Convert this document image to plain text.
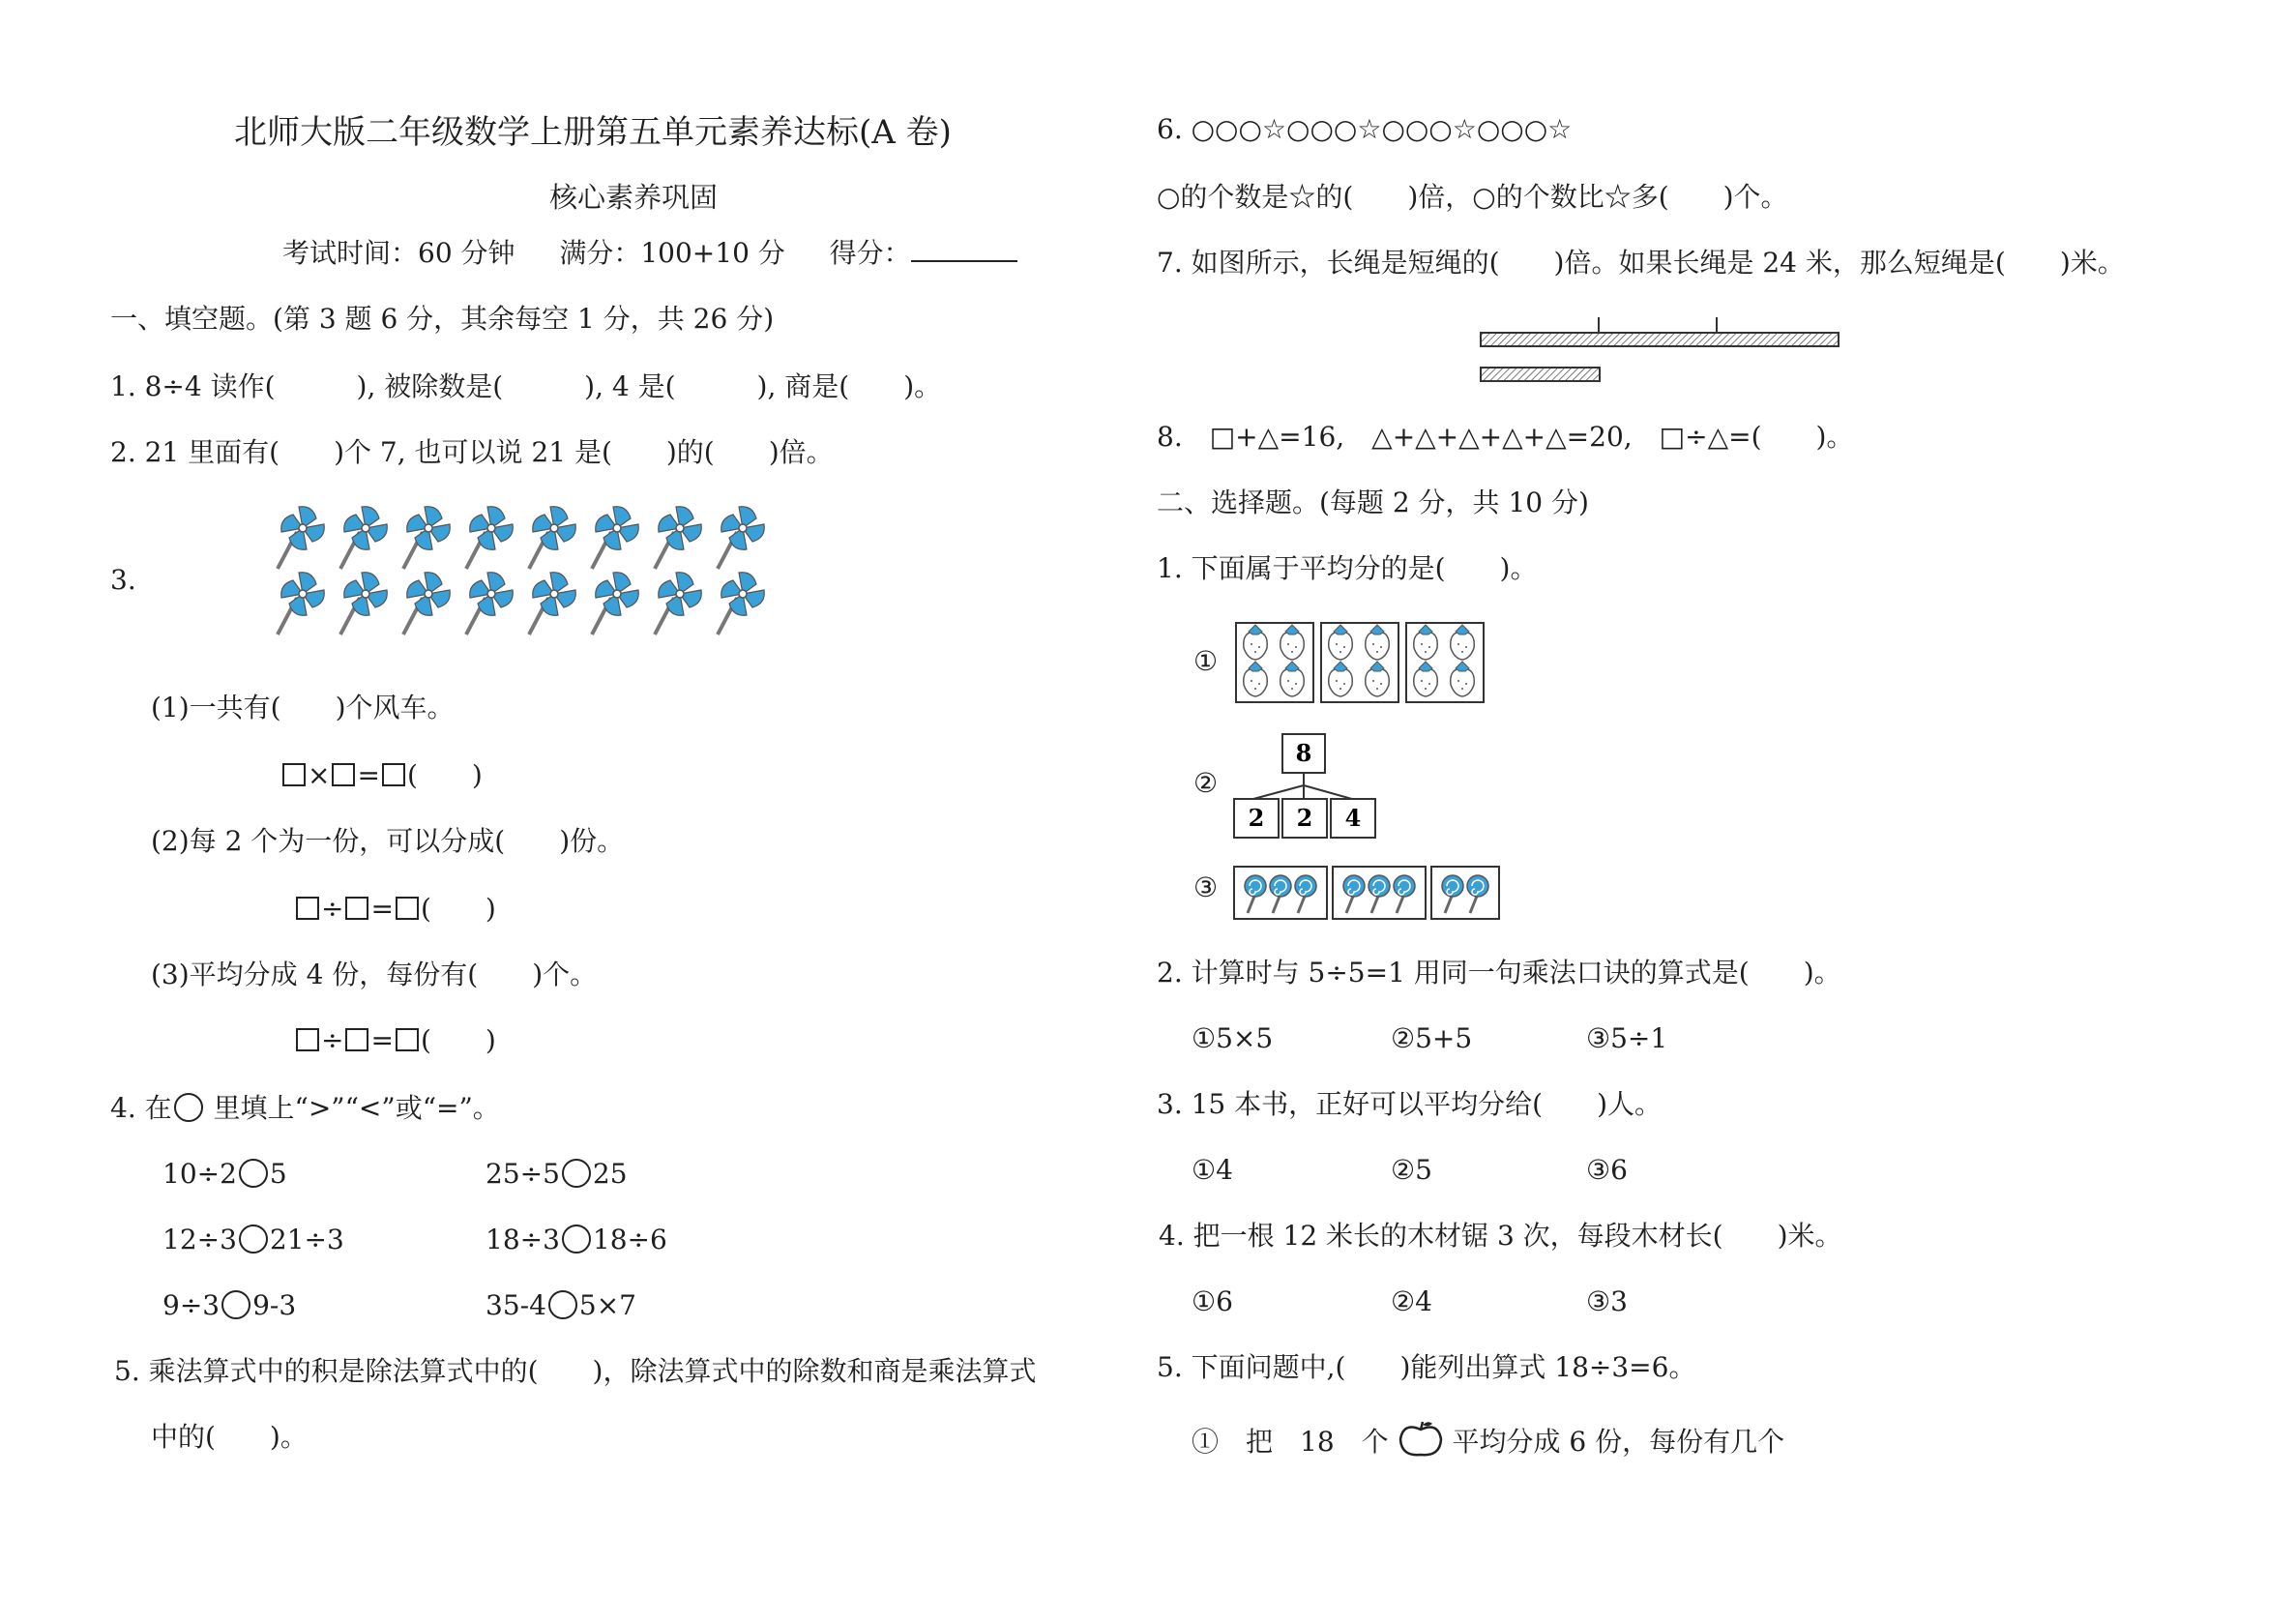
北师大版二年级数学上册第五单元素养达标(A 卷)
核心素养巩固
考试时间：60 分钟 满分：100+10 分 得分：
一、填空题。(第 3 题 6 分，其余每空 1 分，共 26 分)
1. 8÷4 读作(　　　), 被除数是(　　　), 4 是(　　　), 商是(　　)。
2. 21 里面有(　　)个 7, 也可以说 21 是(　　)的(　　)倍。
3.
(1)一共有(　　)个风车。
× = (　　)
(2)每 2 个为一份，可以分成(　　)份。
÷ = (　　)
(3)平均分成 4 份，每份有(　　)个。
÷ = (　　)
4. 在 里填上“>”“<”或“=”。
10÷2 5	25÷5 25
12÷3 21÷3	18÷3 18÷6
9÷3 9-3	35-4 5×7
5. 乘法算式中的积是除法算式中的(　　)，除法算式中的除数和商是乘法算式
中的(　　)。
6. ○○○☆○○○☆○○○☆○○○☆
○的个数是☆的(　　)倍，○的个数比☆多(　　)个。
7. 如图所示，长绳是短绳的(　　)倍。如果长绳是 24 米，那么短绳是(　　)米。
8.　□+△=16,　△+△+△+△+△=20,　□÷△=(　　)。
二、选择题。(每题 2 分，共 10 分)
1. 下面属于平均分的是(　　)。
①
②
8
2 2 4
③
2. 计算时与 5÷5=1 用同一句乘法口诀的算式是(　　)。
①5×5	②5+5	③5÷1
3. 15 本书，正好可以平均分给(　　)人。
①4	②5	③6
4. 把一根 12 米长的木材锯 3 次，每段木材长(　　)米。
①6	②4	③3
5. 下面问题中,(　　)能列出算式 18÷3=6。
①　把　18　个 平均分成 6 份，每份有几个
